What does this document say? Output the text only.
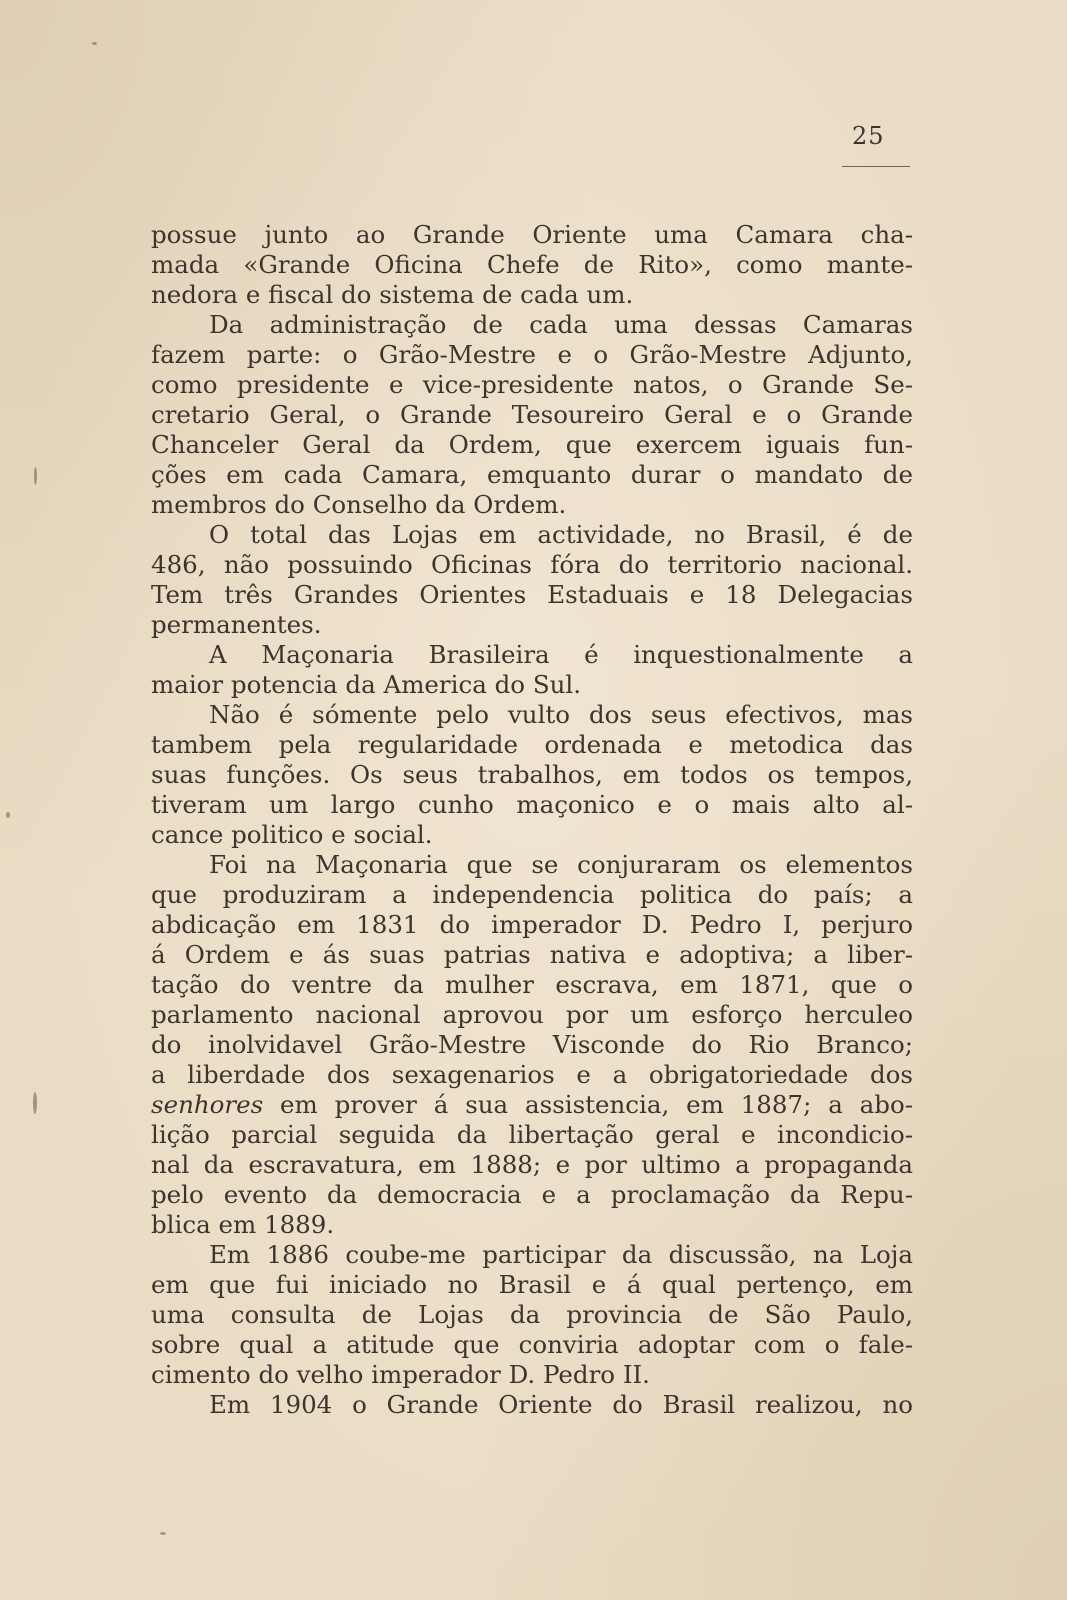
25
possue junto ao Grande Oriente uma Camara cha-
mada «Grande Oficina Chefe de Rito», como mante-
nedora e fiscal do sistema de cada um.
Da administração de cada uma dessas Camaras
fazem parte: o Grão-Mestre e o Grão-Mestre Adjunto,
como presidente e vice-presidente natos, o Grande Se-
cretario Geral, o Grande Tesoureiro Geral e o Grande
Chanceler Geral da Ordem, que exercem iguais fun-
ções em cada Camara, emquanto durar o mandato de
membros do Conselho da Ordem.
O total das Lojas em actividade, no Brasil, é de
486, não possuindo Oficinas fóra do territorio nacional.
Tem três Grandes Orientes Estaduais e 18 Delegacias
permanentes.
A Maçonaria Brasileira é inquestionalmente a
maior potencia da America do Sul.
Não é sómente pelo vulto dos seus efectivos, mas
tambem pela regularidade ordenada e metodica das
suas funções. Os seus trabalhos, em todos os tempos,
tiveram um largo cunho maçonico e o mais alto al-
cance politico e social.
Foi na Maçonaria que se conjuraram os elementos
que produziram a independencia politica do país; a
abdicação em 1831 do imperador D. Pedro I, perjuro
á Ordem e ás suas patrias nativa e adoptiva; a liber-
tação do ventre da mulher escrava, em 1871, que o
parlamento nacional aprovou por um esforço herculeo
do inolvidavel Grão-Mestre Visconde do Rio Branco;
a liberdade dos sexagenarios e a obrigatoriedade dos
senhores em prover á sua assistencia, em 1887; a abo-
lição parcial seguida da libertação geral e incondicio-
nal da escravatura, em 1888; e por ultimo a propaganda
pelo evento da democracia e a proclamação da Repu-
blica em 1889.
Em 1886 coube-me participar da discussão, na Loja
em que fui iniciado no Brasil e á qual pertenço, em
uma consulta de Lojas da provincia de São Paulo,
sobre qual a atitude que conviria adoptar com o fale-
cimento do velho imperador D. Pedro II.
Em 1904 o Grande Oriente do Brasil realizou, no
